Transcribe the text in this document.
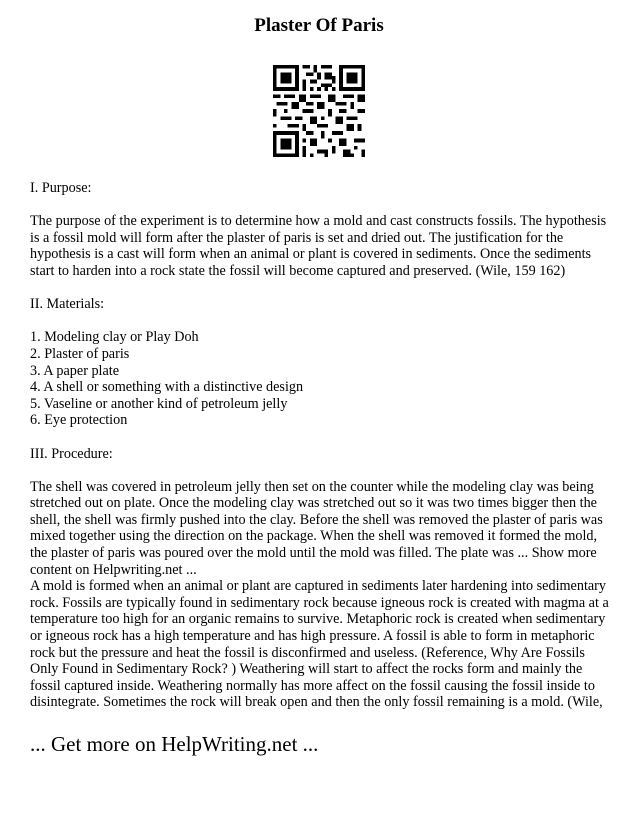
Plaster Of Paris

I. Purpose:

The purpose of the experiment is to determine how a mold and cast constructs fossils. The hypothesis is a fossil mold will form after the plaster of paris is set and dried out. The justification for the hypothesis is a cast will form when an animal or plant is covered in sediments. Once the sediments start to harden into a rock state the fossil will become captured and preserved. (Wile, 159 162)

II. Materials:

1. Modeling clay or Play Doh
2. Plaster of paris
3. A paper plate
4. A shell or something with a distinctive design
5. Vaseline or another kind of petroleum jelly
6. Eye protection

III. Procedure:

The shell was covered in petroleum jelly then set on the counter while the modeling clay was being stretched out on plate. Once the modeling clay was stretched out so it was two times bigger then the shell, the shell was firmly pushed into the clay. Before the shell was removed the plaster of paris was mixed together using the direction on the package. When the shell was removed it formed the mold, the plaster of paris was poured over the mold until the mold was filled. The plate was ... Show more content on Helpwriting.net ...

A mold is formed when an animal or plant are captured in sediments later hardening into sedimentary rock. Fossils are typically found in sedimentary rock because igneous rock is created with magma at a temperature too high for an organic remains to survive. Metaphoric rock is created when sedimentary or igneous rock has a high temperature and has high pressure. A fossil is able to form in metaphoric rock but the pressure and heat the fossil is disconfirmed and useless. (Reference, Why Are Fossils Only Found in Sedimentary Rock? ) Weathering will start to affect the rocks form and mainly the fossil captured inside. Weathering normally has more affect on the fossil causing the fossil inside to disintegrate. Sometimes the rock will break open and then the only fossil remaining is a mold. (Wile,

... Get more on HelpWriting.net ...
